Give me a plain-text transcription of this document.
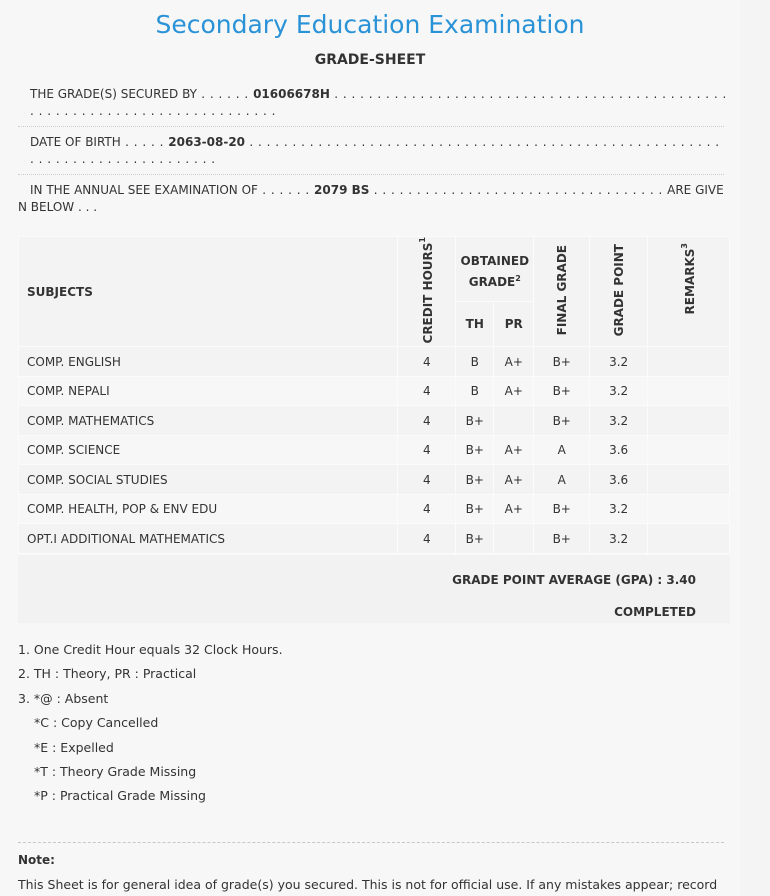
Secondary Education Examination
GRADE-SHEET
THE GRADE(S) SECURED BY . . . . . . 01606678H . . . . . . . . . . . . . . . . . . . . . . . . . . . . . . . . . . . . . . . . . . . . . . . . . . . . . . . . . . . . . . . . . . . . . . . . . . .
DATE OF BIRTH . . . . . 2063-08-20 . . . . . . . . . . . . . . . . . . . . . . . . . . . . . . . . . . . . . . . . . . . . . . . . . . . . . . . . . . . . . . . . . . . . . . . . . . . . .
IN THE ANNUAL SEE EXAMINATION OF . . . . . . 2079 BS . . . . . . . . . . . . . . . . . . . . . . . . . . . . . . . . . . ARE GIVEN BELOW . . .
SUBJECTS	CREDIT HOURS$^1$	OBTAINED GRADE$^2$		FINAL GRADE	GRADE POINT	REMARKS$^3$
		TH	PR			
COMP. ENGLISH	4	B	A+	B+	3.2	
COMP. NEPALI	4	B	A+	B+	3.2	
COMP. MATHEMATICS	4	B+		B+	3.2	
COMP. SCIENCE	4	B+	A+	A	3.6	
COMP. SOCIAL STUDIES	4	B+	A+	A	3.6	
COMP. HEALTH, POP & ENV EDU	4	B+	A+	B+	3.2	
OPT.I ADDITIONAL MATHEMATICS	4	B+		B+	3.2	

GRADE POINT AVERAGE (GPA) : 3.40
COMPLETED
1. One Credit Hour equals 32 Clock Hours.
2. TH : Theory, PR : Practical
3. *@ : Absent
*C : Copy Cancelled
*E : Expelled
*T : Theory Grade Missing
*P : Practical Grade Missing
Note:
This Sheet is for general idea of grade(s) you secured. This is not for official use. If any mistakes appear; record
